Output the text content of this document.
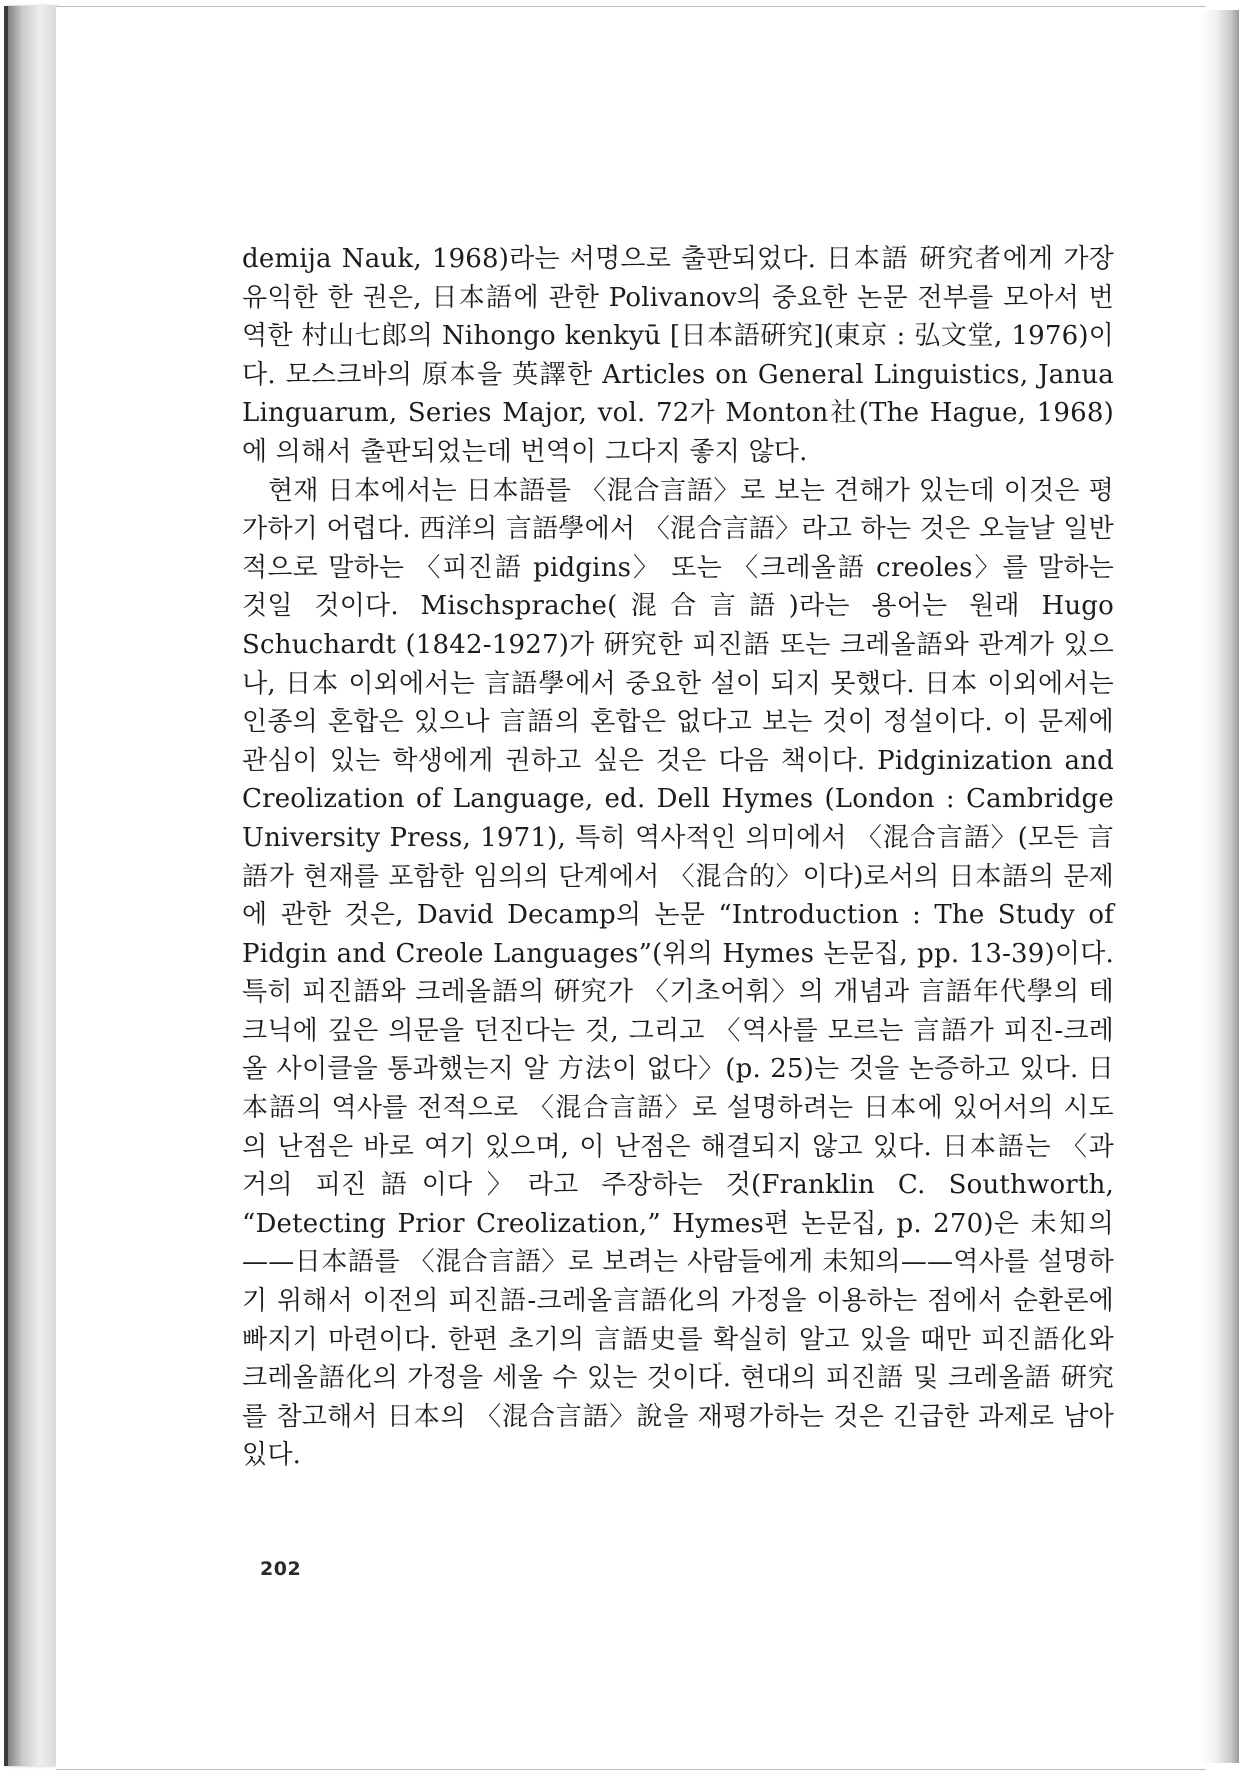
demija Nauk, 1968)라는 서명으로 출판되었다. 日本語 硏究者에게 가장 유익한 한 권은, 日本語에 관한 Polivanov의 중요한 논문 전부를 모아서 번역한 村山七郎의 Nihongo kenkyū [日本語硏究](東京 : 弘文堂, 1976)이다. 모스크바의 原本을 英譯한 Articles on General Linguistics, Janua Linguarum, Series Major, vol. 72가 Monton社(The Hague, 1968)에 의해서 출판되었는데 번역이 그다지 좋지 않다.

현재 日本에서는 日本語를 〈混合言語〉로 보는 견해가 있는데 이것은 평가하기 어렵다. 西洋의 言語學에서 〈混合言語〉라고 하는 것은 오늘날 일반적으로 말하는 〈피진語 pidgins〉 또는 〈크레올語 creoles〉를 말하는 것일 것이다. Mischsprache(混合言語)라는 용어는 원래 Hugo Schuchardt (1842-1927)가 硏究한 피진語 또는 크레올語와 관계가 있으나, 日本 이외에서는 言語學에서 중요한 설이 되지 못했다. 日本 이외에서는 인종의 혼합은 있으나 言語의 혼합은 없다고 보는 것이 정설이다. 이 문제에 관심이 있는 학생에게 권하고 싶은 것은 다음 책이다. Pidginization and Creolization of Language, ed. Dell Hymes (London : Cambridge University Press, 1971), 특히 역사적인 의미에서 〈混合言語〉(모든 言語가 현재를 포함한 임의의 단계에서 〈混合的〉이다)로서의 日本語의 문제에 관한 것은, David Decamp의 논문 “Introduction : The Study of Pidgin and Creole Languages”(위의 Hymes 논문집, pp. 13-39)이다. 특히 피진語와 크레올語의 硏究가 〈기초어휘〉의 개념과 言語年代學의 테크닉에 깊은 의문을 던진다는 것, 그리고 〈역사를 모르는 言語가 피진-크레올 사이클을 통과했는지 알 方法이 없다〉(p. 25)는 것을 논증하고 있다. 日本語의 역사를 전적으로 〈混合言語〉로 설명하려는 日本에 있어서의 시도의 난점은 바로 여기 있으며, 이 난점은 해결되지 않고 있다. 日本語는 〈과거의 피진語이다〉라고 주장하는 것(Franklin C. Southworth, “Detecting Prior Creolization,” Hymes편 논문집, p. 270)은 未知의——日本語를 〈混合言語〉로 보려는 사람들에게 未知의——역사를 설명하기 위해서 이전의 피진語-크레올言語化의 가정을 이용하는 점에서 순환론에 빠지기 마련이다. 한편 초기의 言語史를 확실히 알고 있을 때만 피진語化와 크레올語化의 가정을 세울 수 있는 것이다. 현대의 피진語 및 크레올語 硏究를 참고해서 日本의 〈混合言語〉說을 재평가하는 것은 긴급한 과제로 남아 있다.

202
